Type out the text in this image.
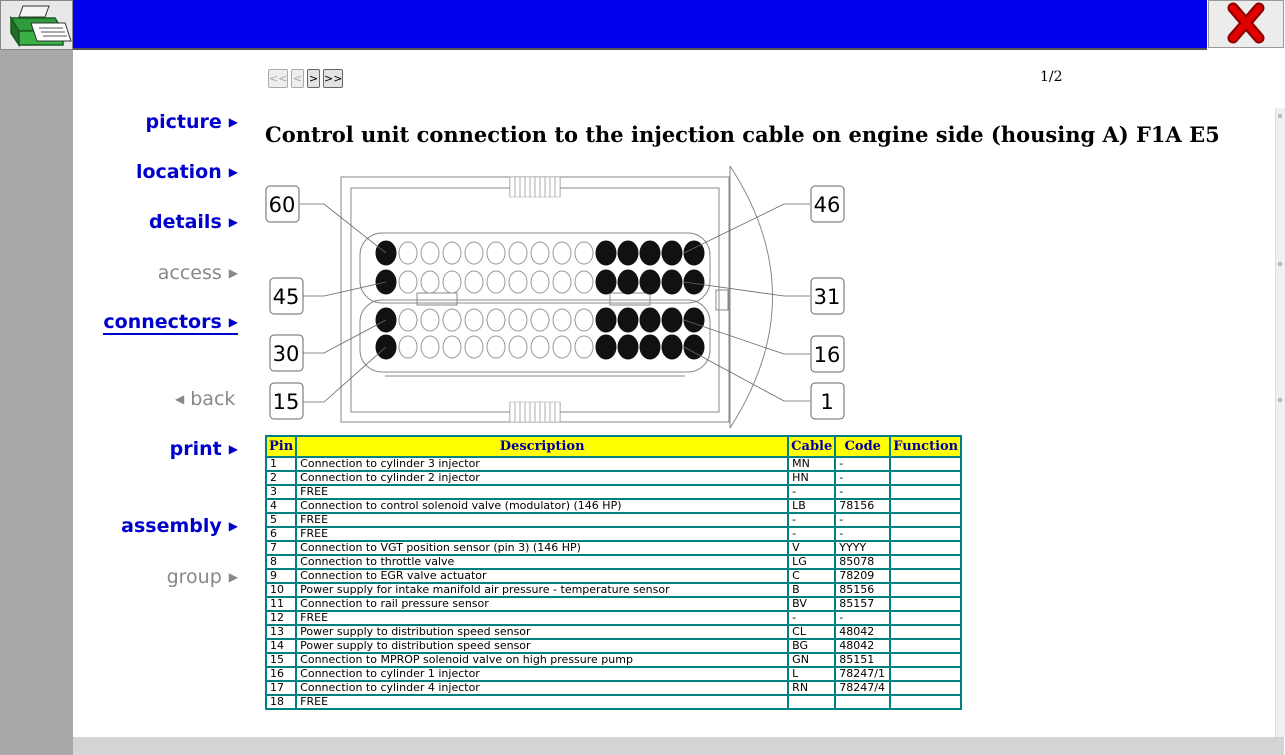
<< < > >>	1/2
picture ▶
location ▶
details ▶
access ▶
connectors ▶
◀ back
print ▶
assembly ▶
group ▶
Control unit connection to the injection cable on engine side (housing A) F1A E5
60	46
45	31
30	16
15	1
Pin	Description	Cable	Code	Function
1	Connection to cylinder 3 injector	MN	-	
2	Connection to cylinder 2 injector	HN	-	
3	FREE	-	-	
4	Connection to control solenoid valve (modulator) (146 HP)	LB	78156	
5	FREE	-	-	
6	FREE	-	-	
7	Connection to VGT position sensor (pin 3) (146 HP)	V	YYYY	
8	Connection to throttle valve	LG	85078	
9	Connection to EGR valve actuator	C	78209	
10	Power supply for intake manifold air pressure - temperature sensor	B	85156	
11	Connection to rail pressure sensor	BV	85157	
12	FREE	-	-	
13	Power supply to distribution speed sensor	CL	48042	
14	Power supply to distribution speed sensor	BG	48042	
15	Connection to MPROP solenoid valve on high pressure pump	GN	85151	
16	Connection to cylinder 1 injector	L	78247/1	
17	Connection to cylinder 4 injector	RN	78247/4	
18	FREE			
